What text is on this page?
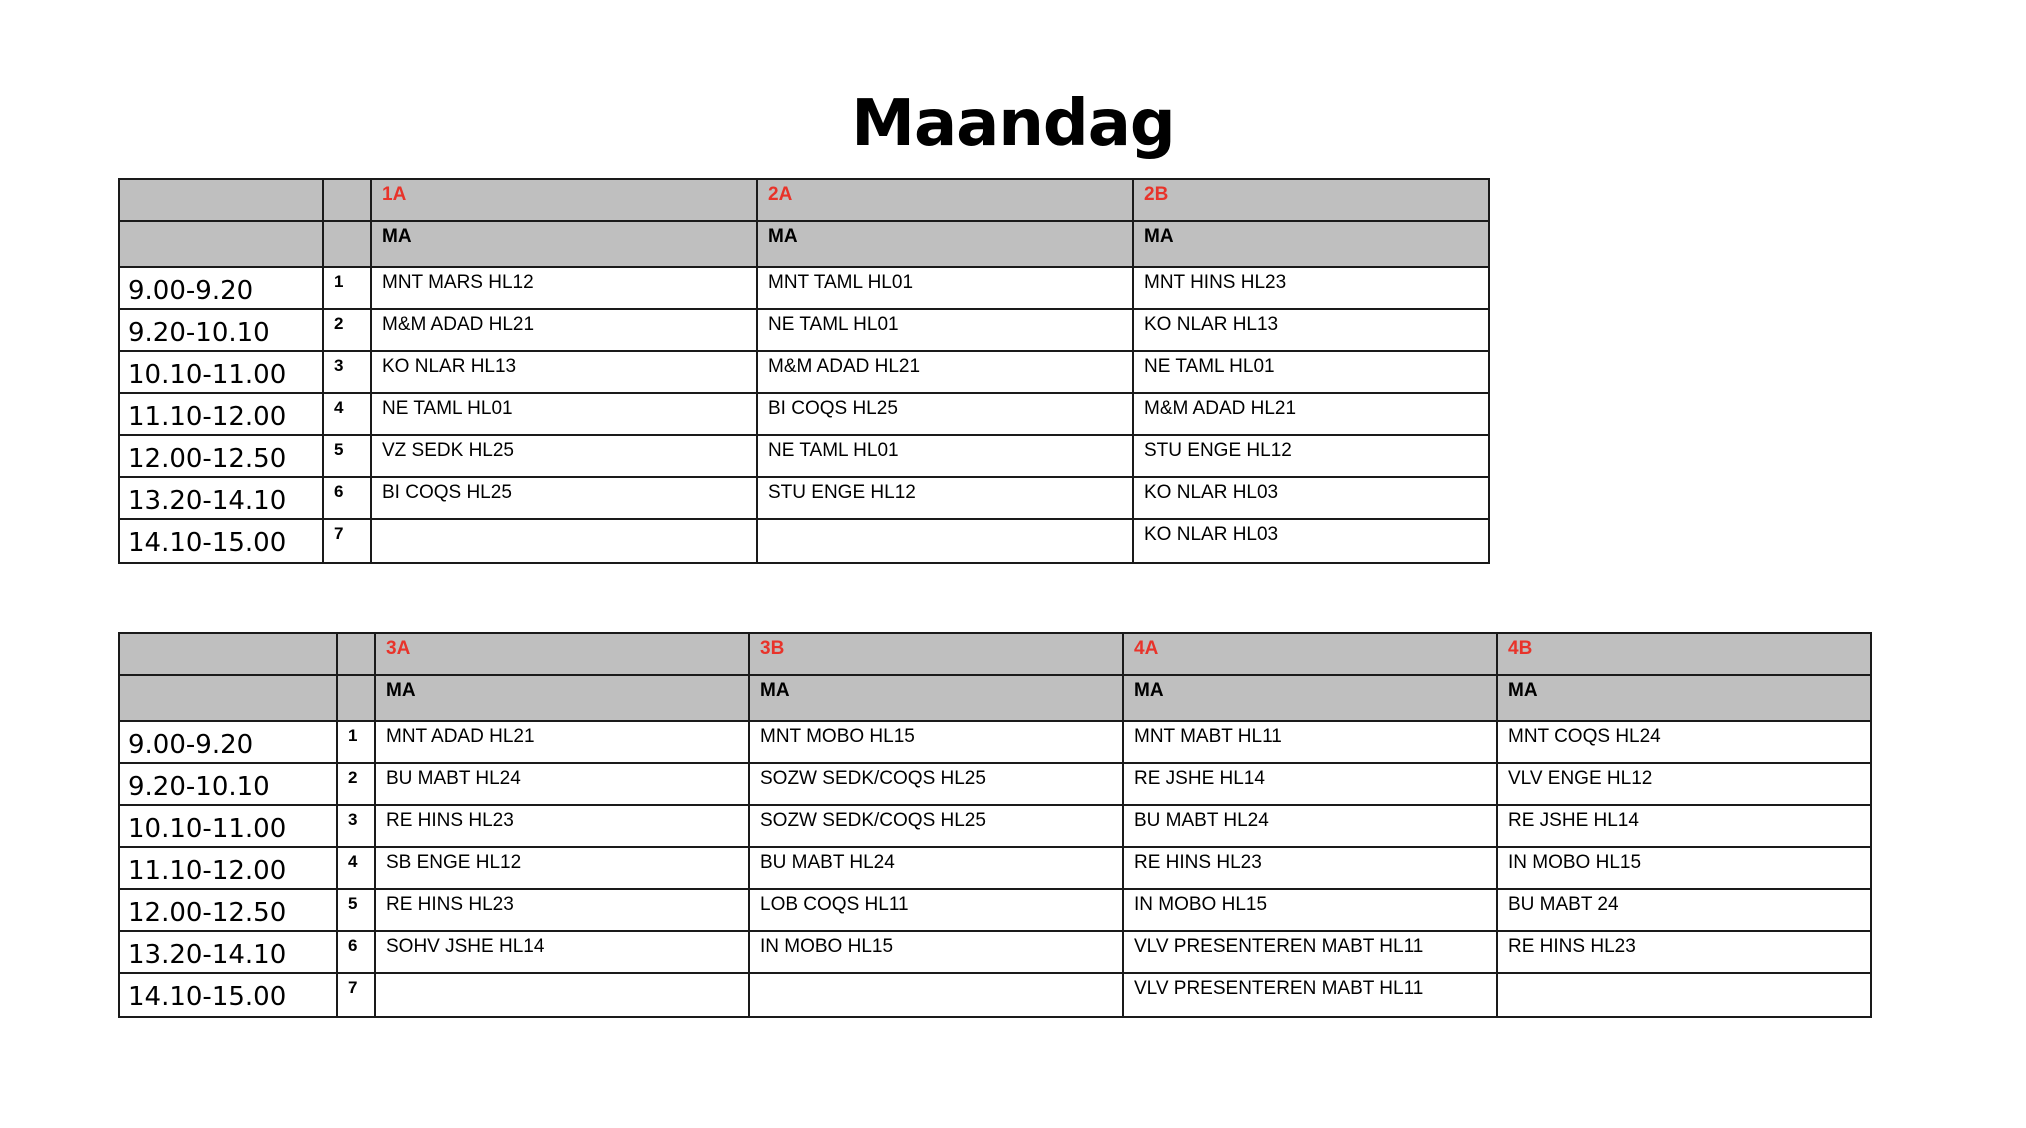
Maandag

		1A	2A	2B

		MA	MA	MA

9.00-9.20	1	MNT MARS HL12	MNT TAML HL01	MNT HINS HL23

9.20-10.10	2	M&M ADAD HL21	NE TAML HL01	KO NLAR HL13

10.10-11.00	3	KO NLAR HL13	M&M ADAD HL21	NE TAML HL01

11.10-12.00	4	NE TAML HL01	BI COQS HL25	M&M ADAD HL21

12.00-12.50	5	VZ SEDK HL25	NE TAML HL01	STU ENGE HL12

13.20-14.10	6	BI COQS HL25	STU ENGE HL12	KO NLAR HL03

14.10-15.00	7			KO NLAR HL03

		3A	3B	4A	4B

		MA	MA	MA	MA

9.00-9.20	1	MNT ADAD HL21	MNT MOBO HL15	MNT MABT HL11	MNT COQS HL24

9.20-10.10	2	BU MABT HL24	SOZW SEDK/COQS HL25	RE JSHE HL14	VLV ENGE HL12

10.10-11.00	3	RE HINS HL23	SOZW SEDK/COQS HL25	BU MABT HL24	RE JSHE HL14

11.10-12.00	4	SB ENGE HL12	BU MABT HL24	RE HINS HL23	IN MOBO HL15

12.00-12.50	5	RE HINS HL23	LOB COQS HL11	IN MOBO HL15	BU MABT 24

13.20-14.10	6	SOHV JSHE HL14	IN MOBO HL15	VLV PRESENTEREN MABT HL11	RE HINS HL23

14.10-15.00	7			VLV PRESENTEREN MABT HL11	
